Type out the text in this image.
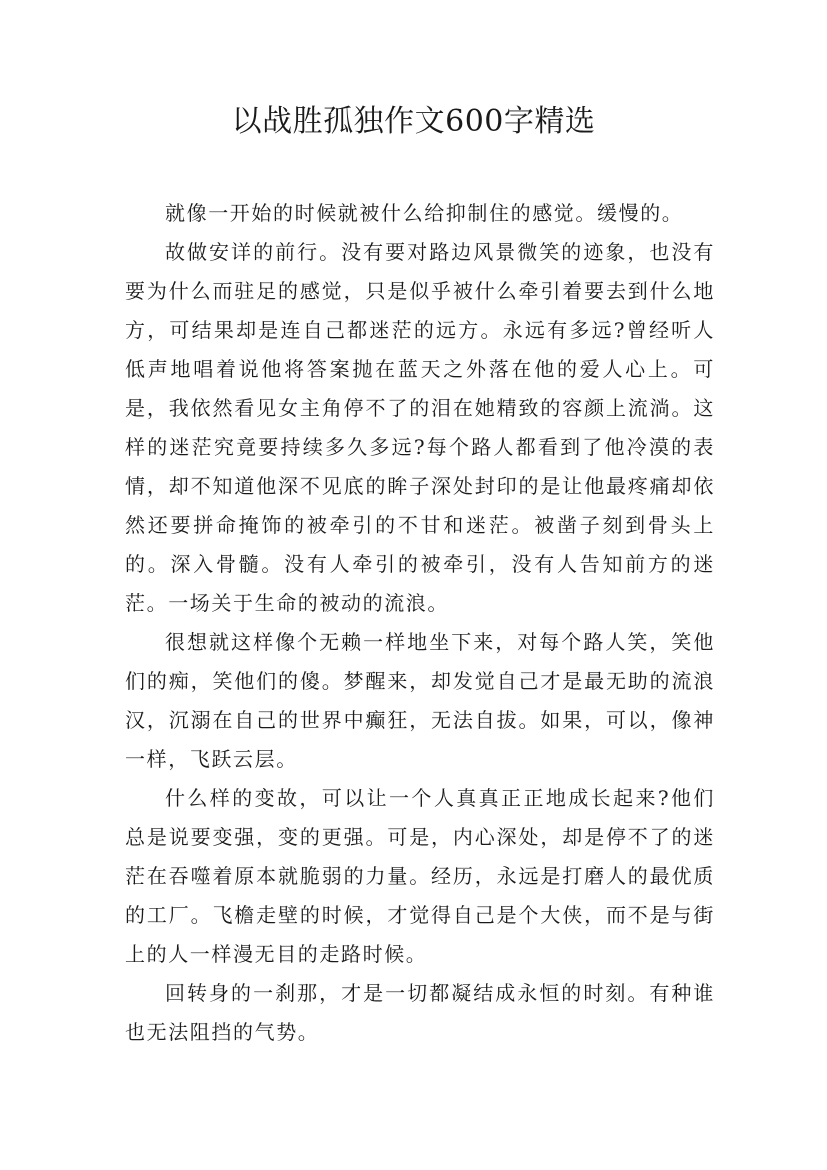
以战胜孤独作文600字精选

就像一开始的时候就被什么给抑制住的感觉。缓慢的。

故做安详的前行。没有要对路边风景微笑的迹象，也没有要为什么而驻足的感觉，只是似乎被什么牵引着要去到什么地方，可结果却是连自己都迷茫的远方。永远有多远?曾经听人低声地唱着说他将答案抛在蓝天之外落在他的爱人心上。可是，我依然看见女主角停不了的泪在她精致的容颜上流淌。这样的迷茫究竟要持续多久多远?每个路人都看到了他冷漠的表情，却不知道他深不见底的眸子深处封印的是让他最疼痛却依然还要拼命掩饰的被牵引的不甘和迷茫。被凿子刻到骨头上的。深入骨髓。没有人牵引的被牵引，没有人告知前方的迷茫。一场关于生命的被动的流浪。

很想就这样像个无赖一样地坐下来，对每个路人笑，笑他们的痴，笑他们的傻。梦醒来，却发觉自己才是最无助的流浪汉，沉溺在自己的世界中癫狂，无法自拔。如果，可以，像神一样，飞跃云层。

什么样的变故，可以让一个人真真正正地成长起来?他们总是说要变强，变的更强。可是，内心深处，却是停不了的迷茫在吞噬着原本就脆弱的力量。经历，永远是打磨人的最优质的工厂。飞檐走壁的时候，才觉得自己是个大侠，而不是与街上的人一样漫无目的走路时候。

回转身的一刹那，才是一切都凝结成永恒的时刻。有种谁也无法阻挡的气势。
